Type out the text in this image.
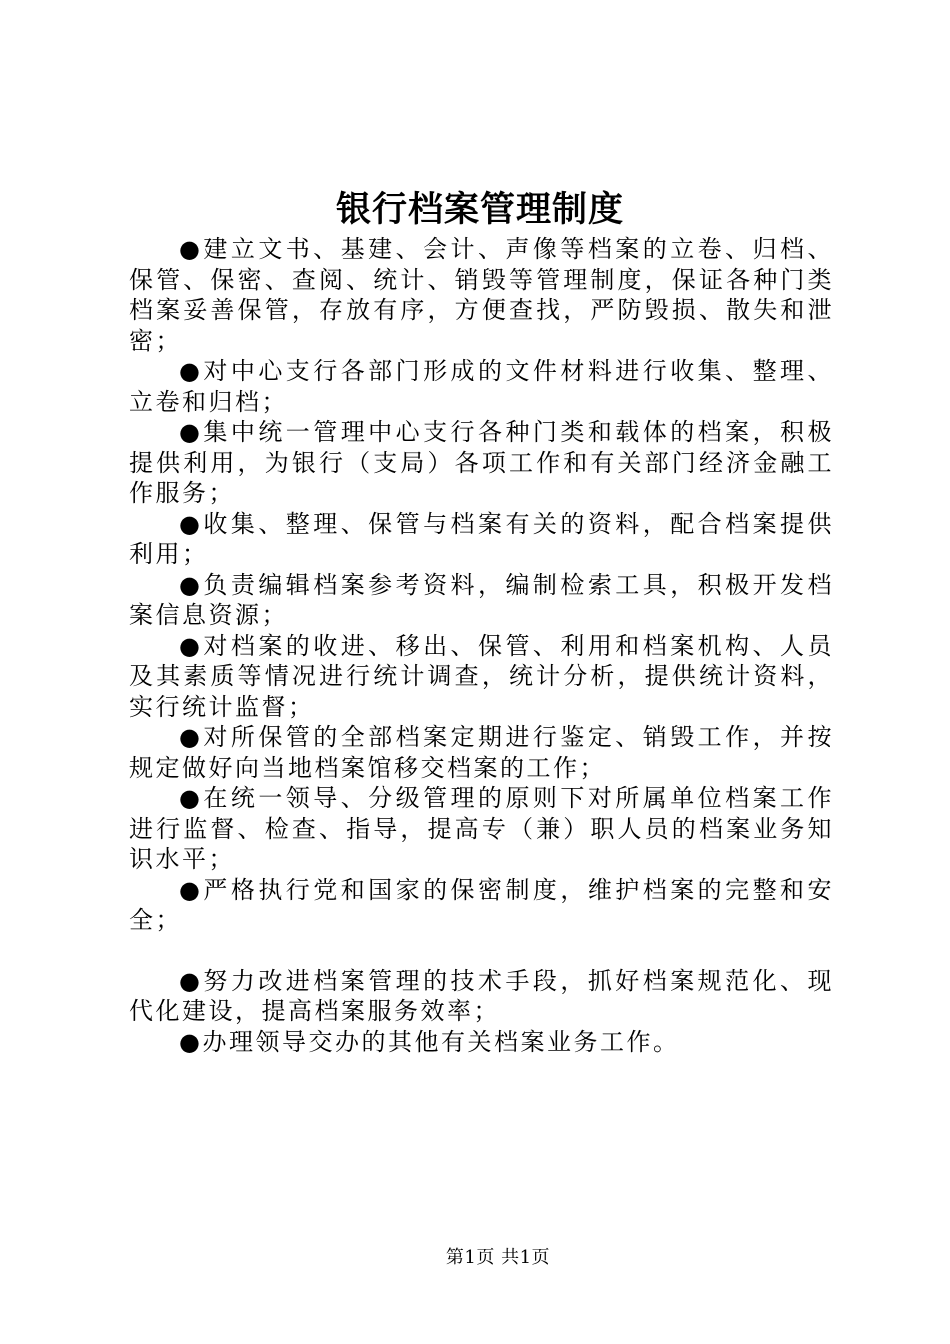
银行档案管理制度

●建立文书、基建、会计、声像等档案的立卷、归档、保管、保密、查阅、统计、销毁等管理制度，保证各种门类档案妥善保管，存放有序，方便查找，严防毁损、散失和泄密；

●对中心支行各部门形成的文件材料进行收集、整理、立卷和归档；

●集中统一管理中心支行各种门类和载体的档案，积极提供利用，为银行（支局）各项工作和有关部门经济金融工作服务；

●收集、整理、保管与档案有关的资料，配合档案提供利用；

●负责编辑档案参考资料，编制检索工具，积极开发档案信息资源；

●对档案的收进、移出、保管、利用和档案机构、人员及其素质等情况进行统计调查，统计分析，提供统计资料，实行统计监督；

●对所保管的全部档案定期进行鉴定、销毁工作，并按规定做好向当地档案馆移交档案的工作；

●在统一领导、分级管理的原则下对所属单位档案工作进行监督、检查、指导，提高专（兼）职人员的档案业务知识水平；

●严格执行党和国家的保密制度，维护档案的完整和安全；

●努力改进档案管理的技术手段，抓好档案规范化、现代化建设，提高档案服务效率；

●办理领导交办的其他有关档案业务工作。

第1页 共1页
